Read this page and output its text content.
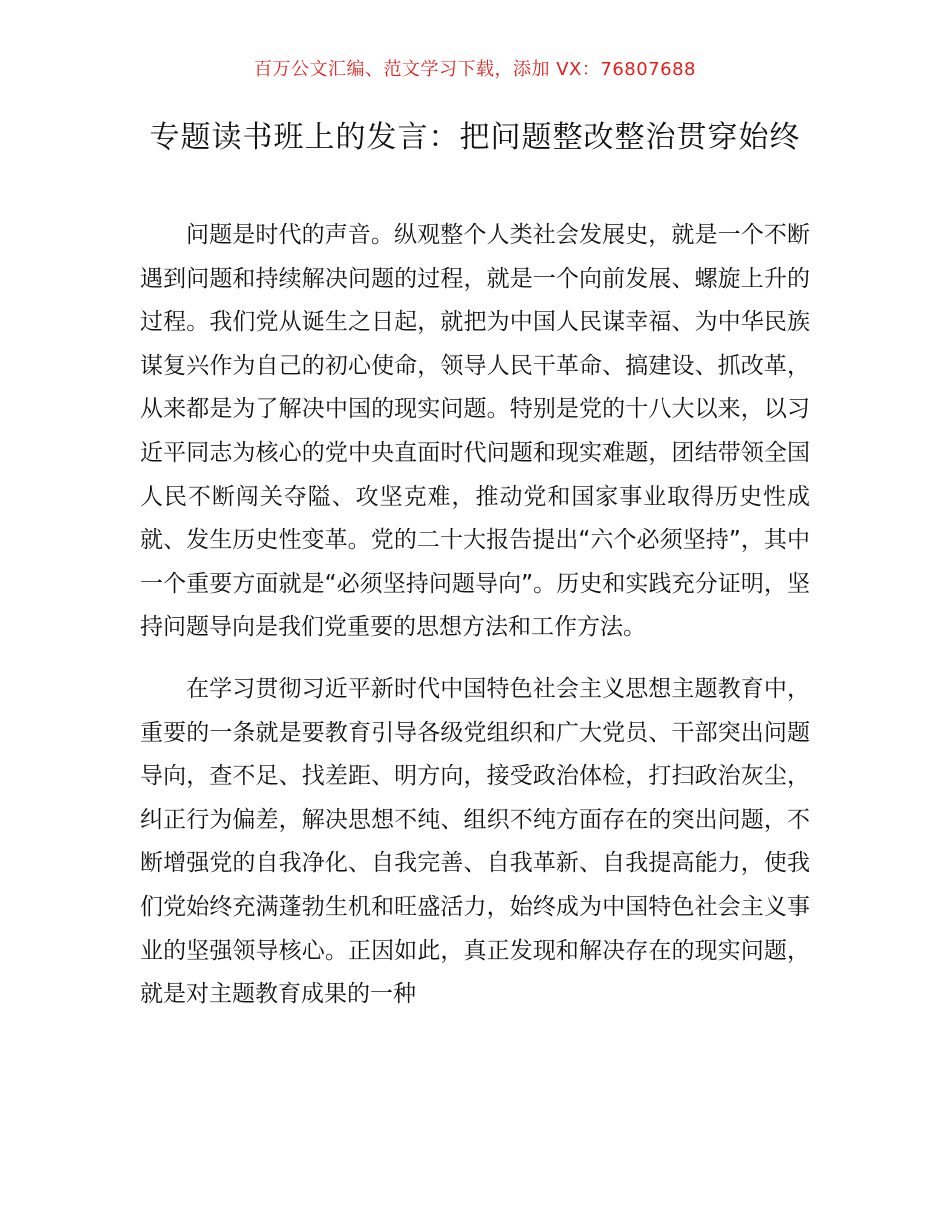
百万公文汇编、范文学习下载，添加 VX：76807688
专题读书班上的发言：把问题整改整治贯穿始终

问题是时代的声音。纵观整个人类社会发展史，就是一个不断遇到问题和持续解决问题的过程，就是一个向前发展、螺旋上升的过程。我们党从诞生之日起，就把为中国人民谋幸福、为中华民族谋复兴作为自己的初心使命，领导人民干革命、搞建设、抓改革，从来都是为了解决中国的现实问题。特别是党的十八大以来，以习近平同志为核心的党中央直面时代问题和现实难题，团结带领全国人民不断闯关夺隘、攻坚克难，推动党和国家事业取得历史性成就、发生历史性变革。党的二十大报告提出“六个必须坚持”，其中一个重要方面就是“必须坚持问题导向”。历史和实践充分证明，坚持问题导向是我们党重要的思想方法和工作方法。

在学习贯彻习近平新时代中国特色社会主义思想主题教育中，重要的一条就是要教育引导各级党组织和广大党员、干部突出问题导向，查不足、找差距、明方向，接受政治体检，打扫政治灰尘，纠正行为偏差，解决思想不纯、组织不纯方面存在的突出问题，不断增强党的自我净化、自我完善、自我革新、自我提高能力，使我们党始终充满蓬勃生机和旺盛活力，始终成为中国特色社会主义事业的坚强领导核心。正因如此，真正发现和解决存在的现实问题，就是对主题教育成果的一种
